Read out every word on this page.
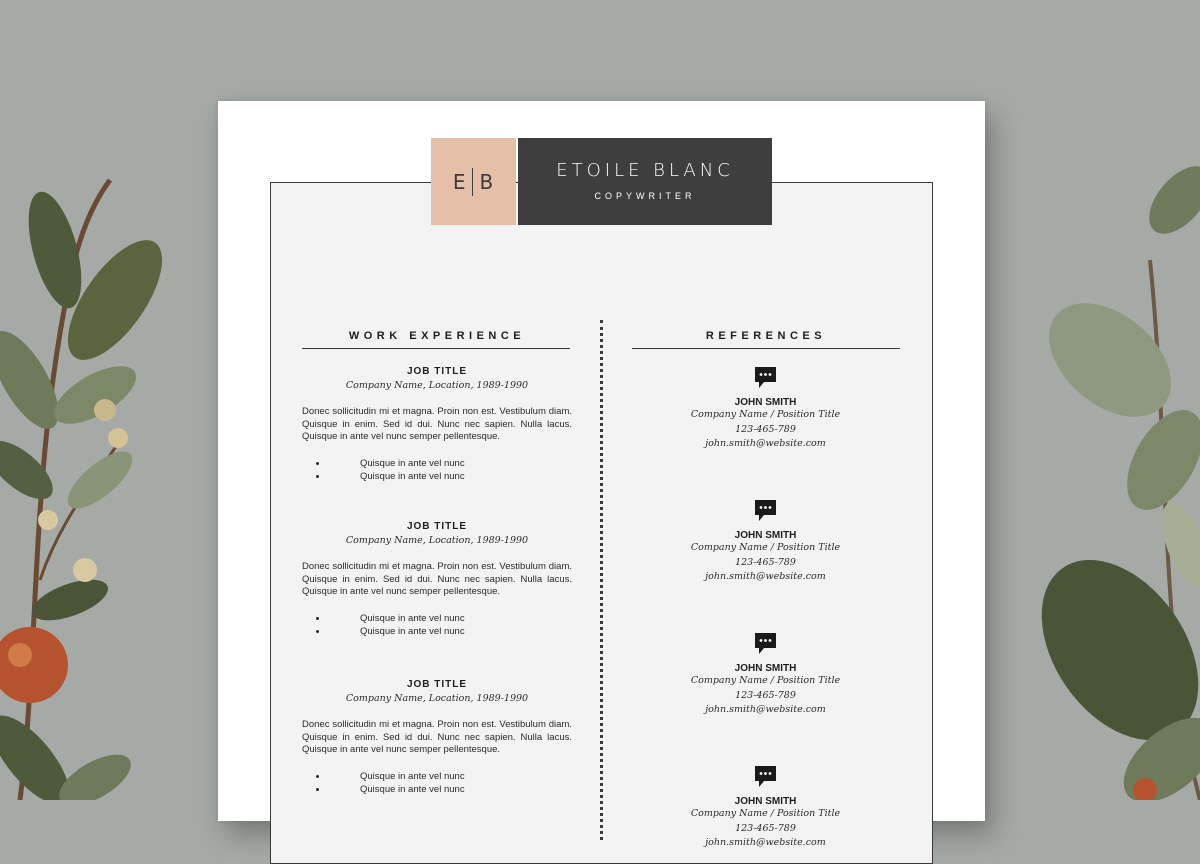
E B	ETOILE BLANC
COPYWRITER
WORK EXPERIENCE	REFERENCES
JOB TITLE
Company Name, Location, 1989-1990
Donec sollicitudin mi et magna. Proin non est. Vestibulum diam. Quisque in enim. Sed id dui. Nunc nec sapien. Nulla lacus. Quisque in ante vel nunc semper pellentesque.
• Quisque in ante vel nunc
• Quisque in ante vel nunc
JOB TITLE
Company Name, Location, 1989-1990
Donec sollicitudin mi et magna. Proin non est. Vestibulum diam. Quisque in enim. Sed id dui. Nunc nec sapien. Nulla lacus. Quisque in ante vel nunc semper pellentesque.
• Quisque in ante vel nunc
• Quisque in ante vel nunc
JOB TITLE
Company Name, Location, 1989-1990
Donec sollicitudin mi et magna. Proin non est. Vestibulum diam. Quisque in enim. Sed id dui. Nunc nec sapien. Nulla lacus. Quisque in ante vel nunc semper pellentesque.
• Quisque in ante vel nunc
• Quisque in ante vel nunc
JOHN SMITH
Company Name / Position Title
123-465-789
john.smith@website.com
JOHN SMITH
Company Name / Position Title
123-465-789
john.smith@website.com
JOHN SMITH
Company Name / Position Title
123-465-789
john.smith@website.com
JOHN SMITH
Company Name / Position Title
123-465-789
john.smith@website.com
